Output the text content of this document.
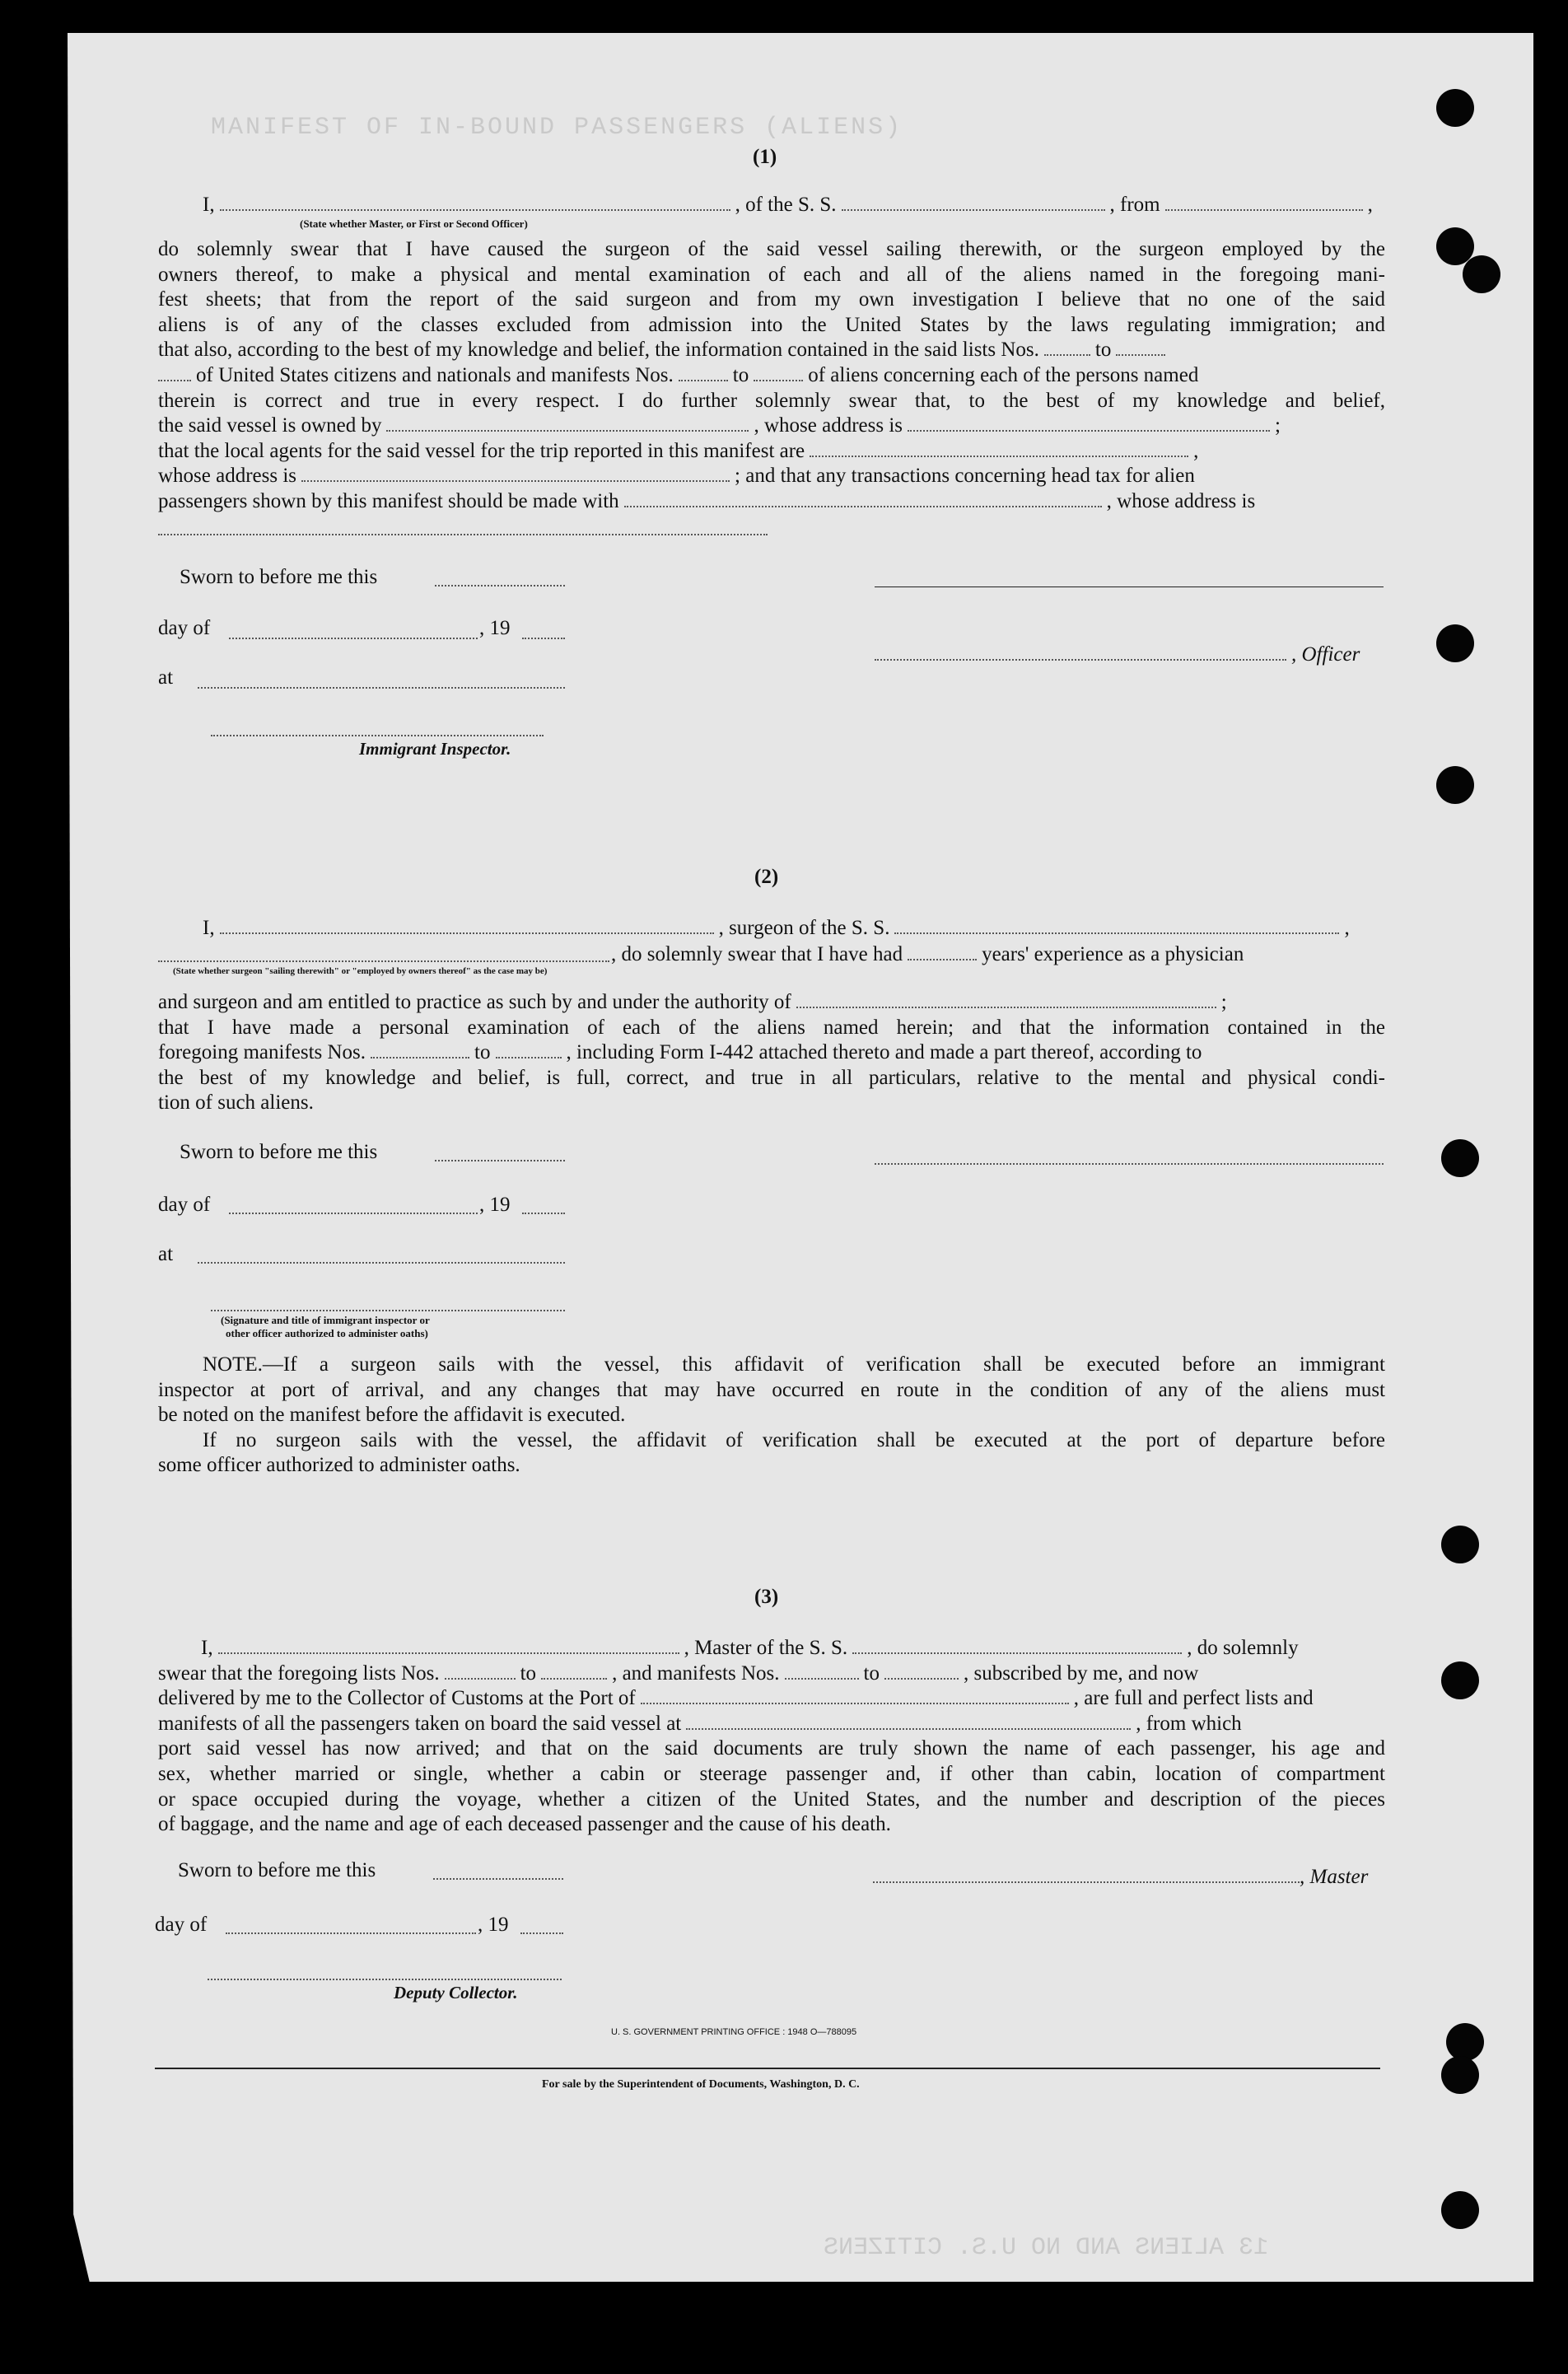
MANIFEST OF IN-BOUND PASSENGERS (ALIENS)
13 ALIENS AND NO U.S. CITIZENS
(1)
I,	, of the S. S.	, from	,
(State whether Master, or First or Second Officer)
do solemnly swear that I have caused the surgeon of the said vessel sailing therewith, or the surgeon employed by the
owners thereof, to make a physical and mental examination of each and all of the aliens named in the foregoing mani-
fest sheets; that from the report of the said surgeon and from my own investigation I believe that no one of the said
aliens is of any of the classes excluded from admission into the United States by the laws regulating immigration; and
that also, according to the best of my knowledge and belief, the information contained in the said lists Nos.	to
of United States citizens and nationals and manifests Nos.	to	of aliens concerning each of the persons named
therein is correct and true in every respect. I do further solemnly swear that, to the best of my knowledge and belief,
the said vessel is owned by	, whose address is	;
that the local agents for the said vessel for the trip reported in this manifest are	,
whose address is	; and that any transactions concerning head tax for alien
passengers shown by this manifest should be made with	, whose address is
Sworn to before me this
day of	, 19
, Officer
at
Immigrant Inspector.
(2)
I,	, surgeon of the S. S.	,
, do solemnly swear that I have had	years' experience as a physician
(State whether surgeon "sailing therewith" or "employed by owners thereof" as the case may be)
and surgeon and am entitled to practice as such by and under the authority of	;
that I have made a personal examination of each of the aliens named herein; and that the information contained in the
foregoing manifests Nos.	to	, including Form I-442 attached thereto and made a part thereof, according to
the best of my knowledge and belief, is full, correct, and true in all particulars, relative to the mental and physical condi-
tion of such aliens.
Sworn to before me this
day of	, 19
at
(Signature and title of immigrant inspector or
other officer authorized to administer oaths)
NOTE.—If a surgeon sails with the vessel, this affidavit of verification shall be executed before an immigrant
inspector at port of arrival, and any changes that may have occurred en route in the condition of any of the aliens must
be noted on the manifest before the affidavit is executed.
If no surgeon sails with the vessel, the affidavit of verification shall be executed at the port of departure before
some officer authorized to administer oaths.
(3)
I,	, Master of the S. S.	, do solemnly
swear that the foregoing lists Nos.	to	, and manifests Nos.	to	, subscribed by me, and now
delivered by me to the Collector of Customs at the Port of	, are full and perfect lists and
manifests of all the passengers taken on board the said vessel at	, from which
port said vessel has now arrived; and that on the said documents are truly shown the name of each passenger, his age and
sex, whether married or single, whether a cabin or steerage passenger and, if other than cabin, location of compartment
or space occupied during the voyage, whether a citizen of the United States, and the number and description of the pieces
of baggage, and the name and age of each deceased passenger and the cause of his death.
Sworn to before me this	, Master
day of	, 19
Deputy Collector.
U. S. GOVERNMENT PRINTING OFFICE : 1948 O—788095
For sale by the Superintendent of Documents, Washington, D. C.
